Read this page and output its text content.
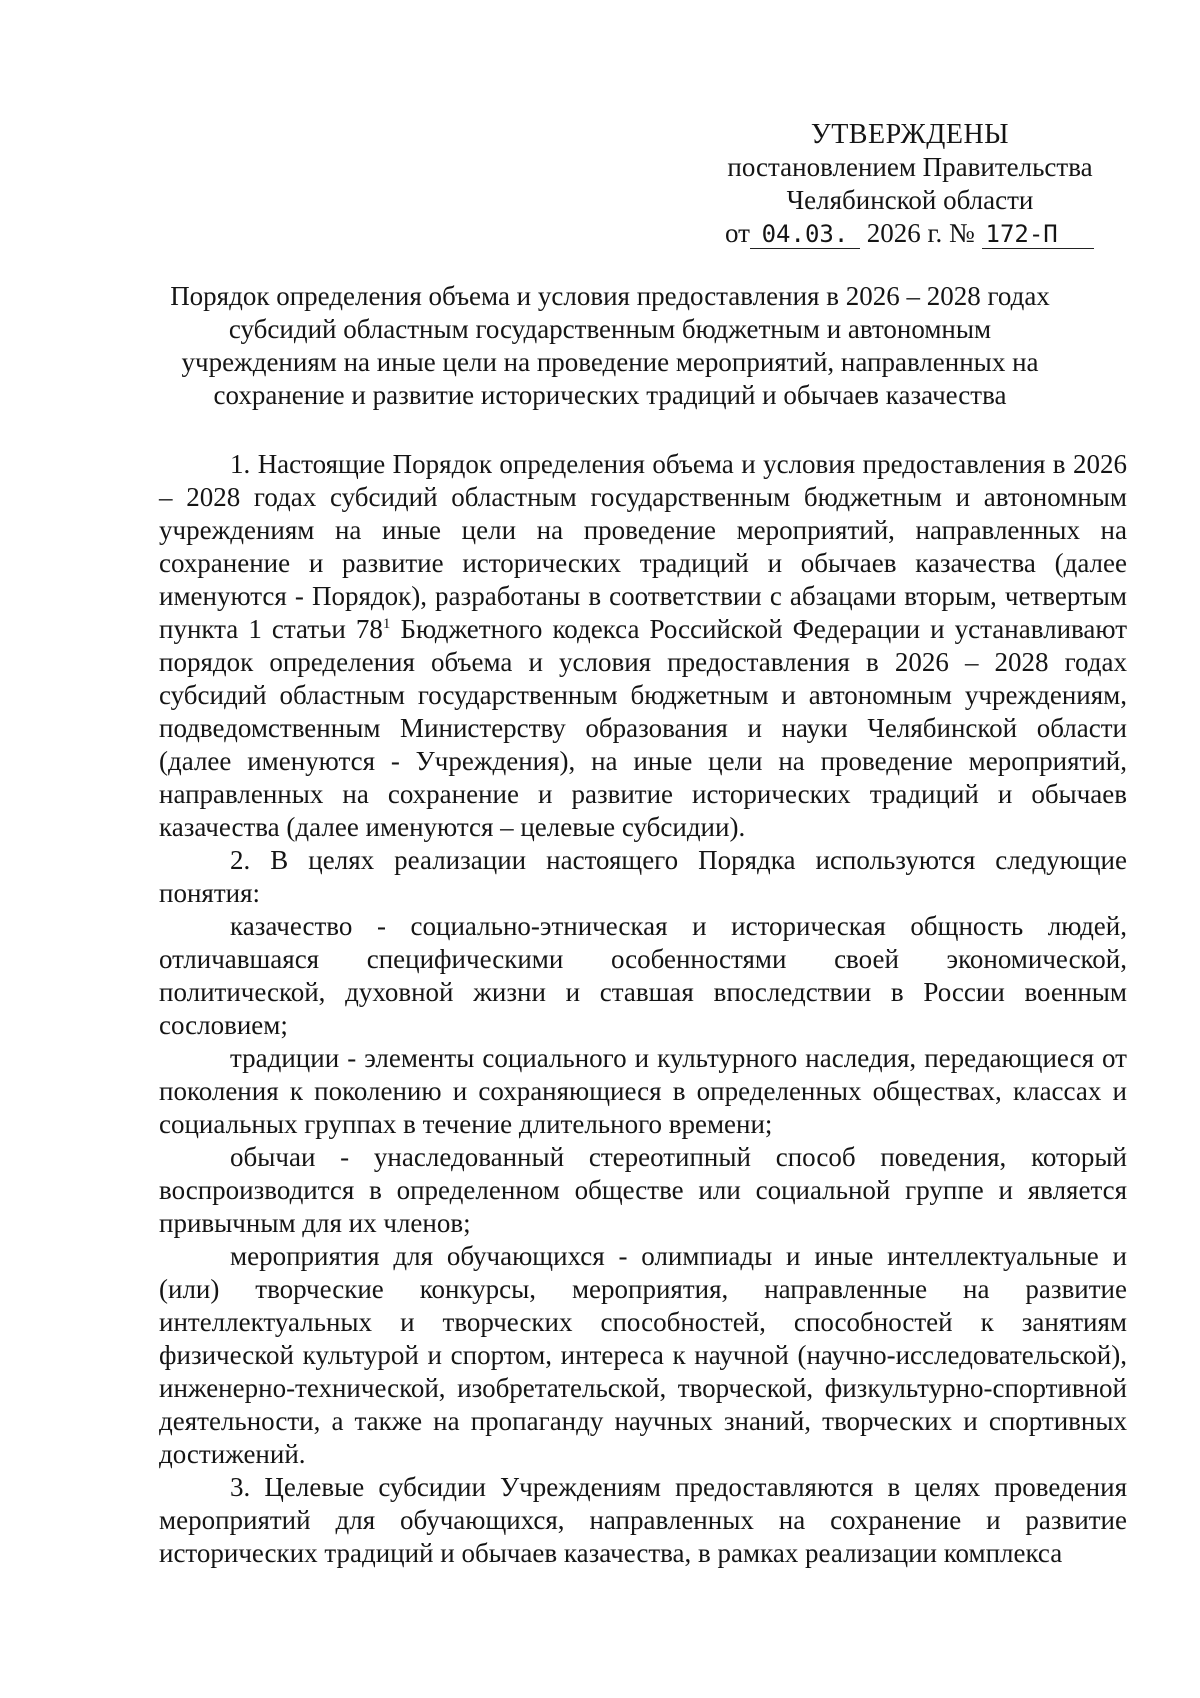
УТВЕРЖДЕНЫ
постановлением Правительства
Челябинской области
от 04.03. 2026 г. № 172-П
Порядок определения объема и условия предоставления в 2026 – 2028 годах
субсидий областным государственным бюджетным и автономным
учреждениям на иные цели на проведение мероприятий, направленных на
сохранение и развитие исторических традиций и обычаев казачества

1. Настоящие Порядок определения объема и условия предоставления в 2026 – 2028 годах субсидий областным государственным бюджетным и автономным учреждениям на иные цели на проведение мероприятий, направленных на сохранение и развитие исторических традиций и обычаев казачества (далее именуются - Порядок), разработаны в соответствии с абзацами вторым, четвертым пункта 1 статьи $78^1$ Бюджетного кодекса Российской Федерации и устанавливают порядок определения объема и условия предоставления в 2026 – 2028 годах субсидий областным государственным бюджетным и автономным учреждениям, подведомственным Министерству образования и науки Челябинской области (далее именуются - Учреждения), на иные цели на проведение мероприятий, направленных на сохранение и развитие исторических традиций и обычаев казачества (далее именуются – целевые субсидии).

2. В целях реализации настоящего Порядка используются следующие понятия:

казачество - социально-этническая и историческая общность людей, отличавшаяся специфическими особенностями своей экономической, политической, духовной жизни и ставшая впоследствии в России военным сословием;

традиции - элементы социального и культурного наследия, передающиеся от поколения к поколению и сохраняющиеся в определенных обществах, классах и социальных группах в течение длительного времени;

обычаи - унаследованный стереотипный способ поведения, который воспроизводится в определенном обществе или социальной группе и является привычным для их членов;

мероприятия для обучающихся - олимпиады и иные интеллектуальные и (или) творческие конкурсы, мероприятия, направленные на развитие интеллектуальных и творческих способностей, способностей к занятиям физической культурой и спортом, интереса к научной (научно-исследовательской), инженерно-технической, изобретательской, творческой, физкультурно-спортивной деятельности, а также на пропаганду научных знаний, творческих и спортивных достижений.

3. Целевые субсидии Учреждениям предоставляются в целях проведения мероприятий для обучающихся, направленных на сохранение и развитие исторических традиций и обычаев казачества, в рамках реализации комплекса
